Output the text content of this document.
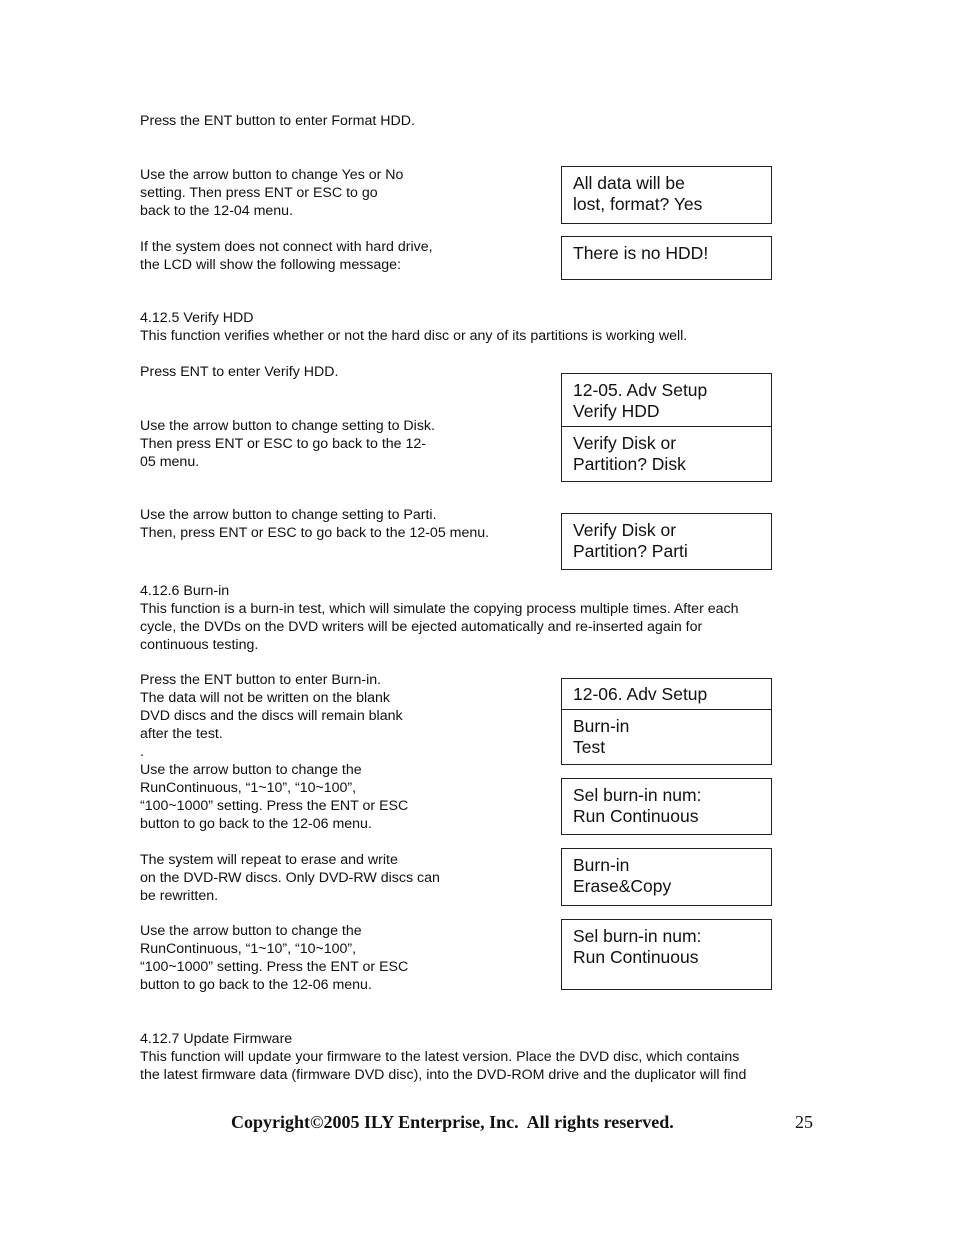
Press the ENT button to enter Format HDD.

Use the arrow button to change Yes or No
setting. Then press ENT or ESC to go
back to the 12-04 menu.

If the system does not connect with hard drive,
the LCD will show the following message:

4.12.5 Verify HDD

This function verifies whether or not the hard disc or any of its partitions is working well.

Press ENT to enter Verify HDD.

Use the arrow button to change setting to Disk.
Then press ENT or ESC to go back to the 12-
05 menu.

Use the arrow button to change setting to Parti.
Then, press ENT or ESC to go back to the 12-05 menu.

4.12.6 Burn-in

This function is a burn-in test, which will simulate the copying process multiple times. After each
cycle, the DVDs on the DVD writers will be ejected automatically and re-inserted again for
continuous testing.

Press the ENT button to enter Burn-in.
The data will not be written on the blank
DVD discs and the discs will remain blank
after the test.
.
Use the arrow button to change the
RunContinuous, “1~10”, “10~100”,
“100~1000” setting. Press the ENT or ESC
button to go back to the 12-06 menu.

The system will repeat to erase and write
on the DVD-RW discs. Only DVD-RW discs can
be rewritten.

Use the arrow button to change the
RunContinuous, “1~10”, “10~100”,
“100~1000” setting. Press the ENT or ESC
button to go back to the 12-06 menu.

4.12.7 Update Firmware

This function will update your firmware to the latest version. Place the DVD disc, which contains
the latest firmware data (firmware DVD disc), into the DVD-ROM drive and the duplicator will find

All data will be
lost, format? Yes
There is no HDD!
12-05. Adv Setup
Verify HDD
Verify Disk or
Partition? Disk
Verify Disk or
Partition? Parti
12-06. Adv Setup
Burn-in
Test
Sel burn-in num:
Run Continuous
Burn-in
Erase&Copy
Sel burn-in num:
Run Continuous
Copyright©2005 ILY Enterprise, Inc.  All rights reserved.	25
